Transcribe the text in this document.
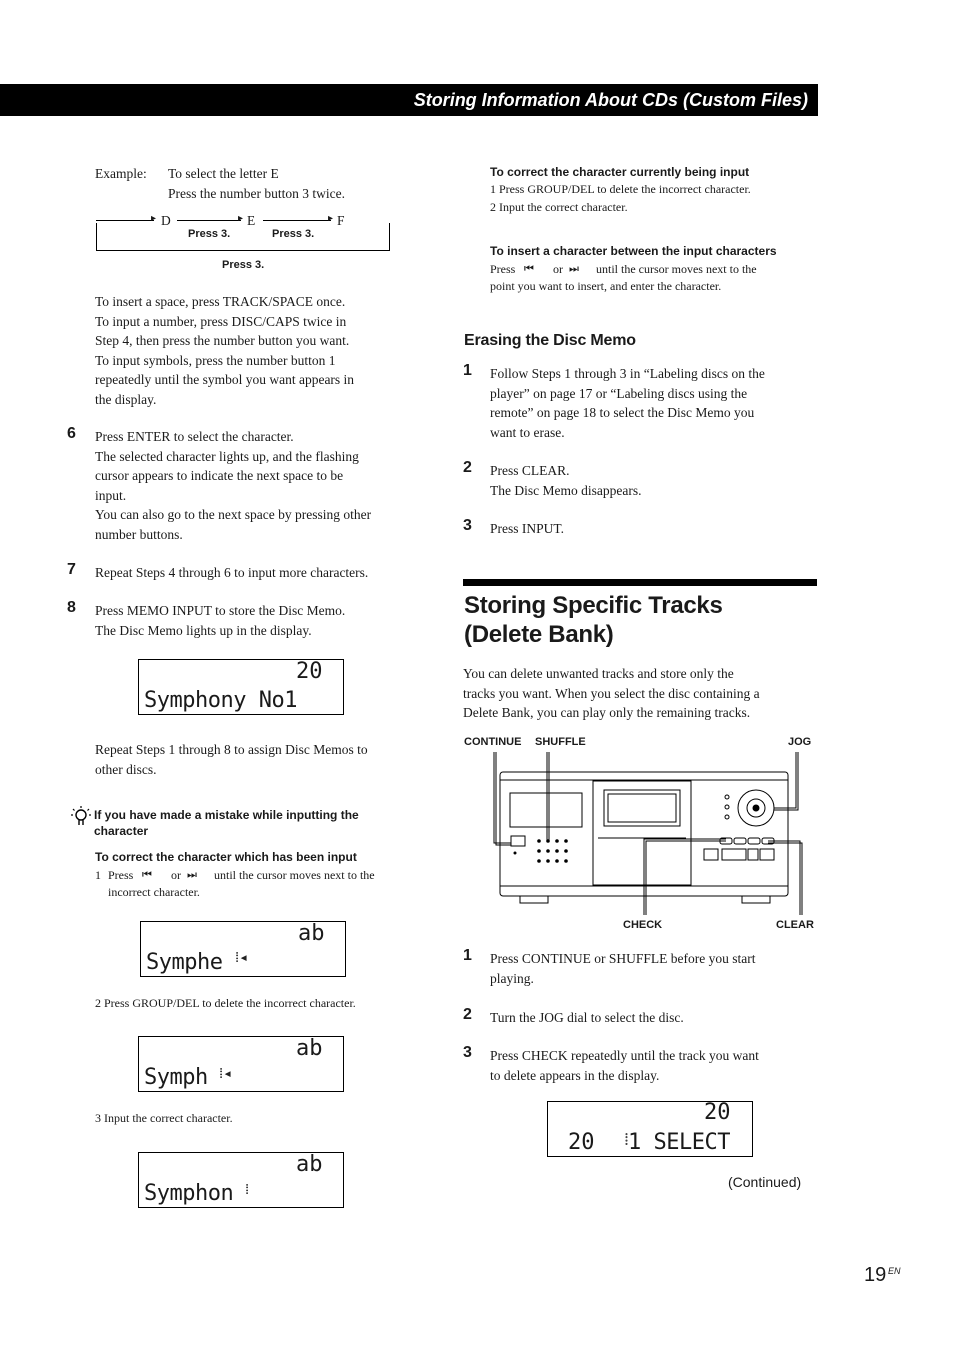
Storing Information About CDs (Custom Files)
Example: To select the letter E
Press the number button 3 twice.
▸ D	▸ E	▸ F
Press 3.	Press 3.
Press 3.
To insert a space, press TRACK/SPACE once.
To input a number, press DISC/CAPS twice in
Step 4, then press the number button you want.
To input symbols, press the number button 1
repeatedly until the symbol you want appears in
the display.
6 Press ENTER to select the character.
The selected character lights up, and the flashing
cursor appears to indicate the next space to be
input.
You can also go to the next space by pressing other
number buttons.
7 Repeat Steps 4 through 6 to input more characters.
8 Press MEMO INPUT to store the Disc Memo.
The Disc Memo lights up in the display.
20
Symphony No1
Repeat Steps 1 through 8 to assign Disc Memos to
other discs.
If you have made a mistake while inputting the
character
To correct the character which has been input
1 Press ⏮ or ⏭ until the cursor moves next to the
incorrect character.
ab
Symphe ⁞◂
2 Press GROUP/DEL to delete the incorrect character.
ab
Symph ⁞◂
3 Input the correct character.
ab
Symphon ⁞
To correct the character currently being input
1 Press GROUP/DEL to delete the incorrect character.
2 Input the correct character.
To insert a character between the input characters
Press ⏮ or ⏭ until the cursor moves next to the
point you want to insert, and enter the character.
Erasing the Disc Memo
1 Follow Steps 1 through 3 in “Labeling discs on the
player” on page 17 or “Labeling discs using the
remote” on page 18 to select the Disc Memo you
want to erase.
2 Press CLEAR.
The Disc Memo disappears.
3 Press INPUT.
Storing Specific Tracks
(Delete Bank)
You can delete unwanted tracks and store only the
tracks you want. When you select the disc containing a
Delete Bank, you can play only the remaining tracks.
CONTINUE SHUFFLE	JOG
CHECK	CLEAR
1 Press CONTINUE or SHUFFLE before you start
playing.
2 Turn the JOG dial to select the disc.
3 Press CHECK repeatedly until the track you want
to delete appears in the display.
20
20 1 SELECT
⁞
(Continued)
19 EN
